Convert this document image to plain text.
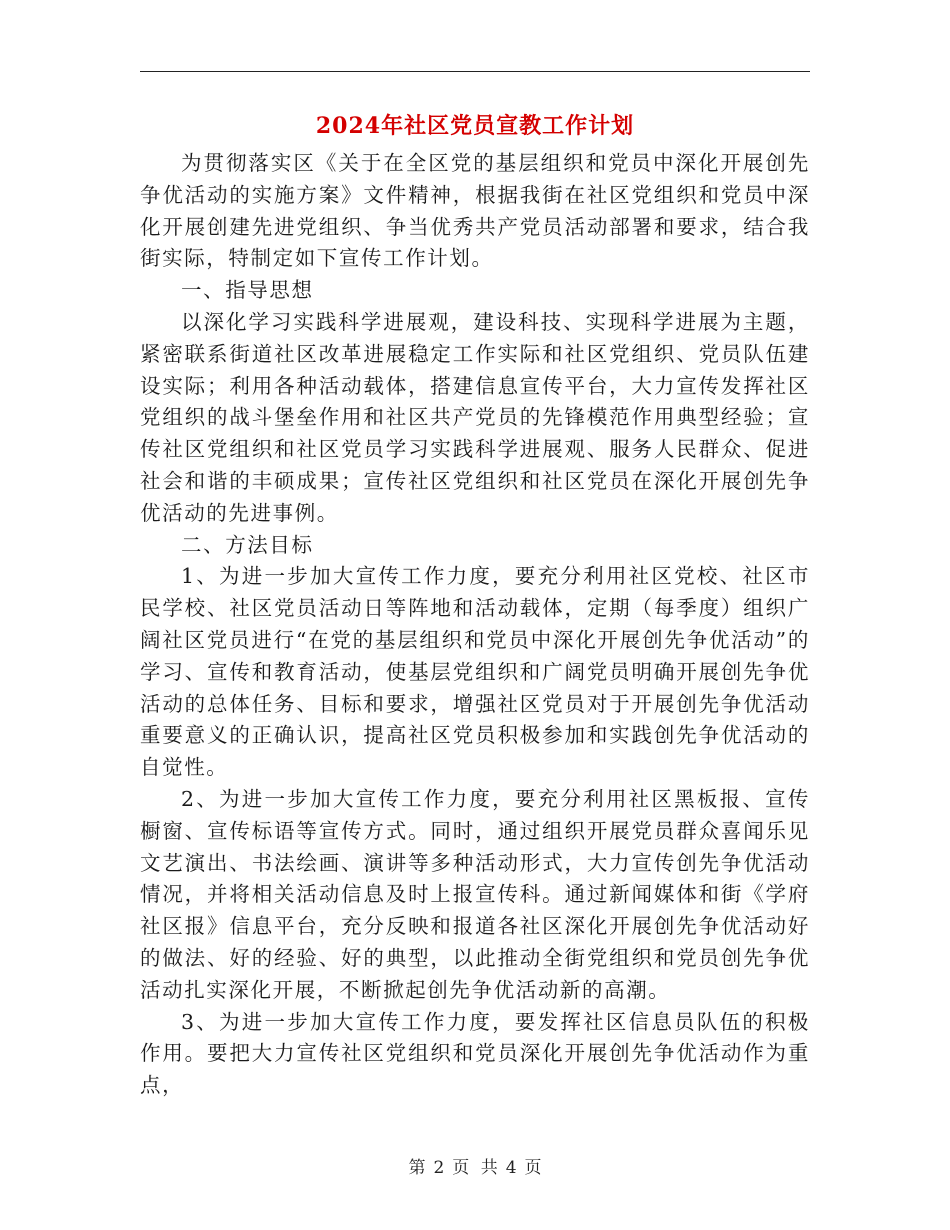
2024年社区党员宣教工作计划

为贯彻落实区《关于在全区党的基层组织和党员中深化开展创先争优活动的实施方案》文件精神，根据我街在社区党组织和党员中深化开展创建先进党组织、争当优秀共产党员活动部署和要求，结合我街实际，特制定如下宣传工作计划。

一、指导思想

以深化学习实践科学进展观，建设科技、实现科学进展为主题，紧密联系街道社区改革进展稳定工作实际和社区党组织、党员队伍建设实际；利用各种活动载体，搭建信息宣传平台，大力宣传发挥社区党组织的战斗堡垒作用和社区共产党员的先锋模范作用典型经验；宣传社区党组织和社区党员学习实践科学进展观、服务人民群众、促进社会和谐的丰硕成果；宣传社区党组织和社区党员在深化开展创先争优活动的先进事例。

二、方法目标

1、为进一步加大宣传工作力度，要充分利用社区党校、社区市民学校、社区党员活动日等阵地和活动载体，定期（每季度）组织广阔社区党员进行“在党的基层组织和党员中深化开展创先争优活动”的学习、宣传和教育活动，使基层党组织和广阔党员明确开展创先争优活动的总体任务、目标和要求，增强社区党员对于开展创先争优活动重要意义的正确认识，提高社区党员积极参加和实践创先争优活动的自觉性。

2、为进一步加大宣传工作力度，要充分利用社区黑板报、宣传橱窗、宣传标语等宣传方式。同时，通过组织开展党员群众喜闻乐见文艺演出、书法绘画、演讲等多种活动形式，大力宣传创先争优活动情况，并将相关活动信息及时上报宣传科。通过新闻媒体和街《学府社区报》信息平台，充分反映和报道各社区深化开展创先争优活动好的做法、好的经验、好的典型，以此推动全街党组织和党员创先争优活动扎实深化开展，不断掀起创先争优活动新的高潮。

3、为进一步加大宣传工作力度，要发挥社区信息员队伍的积极作用。要把大力宣传社区党组织和党员深化开展创先争优活动作为重点，

第 2 页 共 4 页
